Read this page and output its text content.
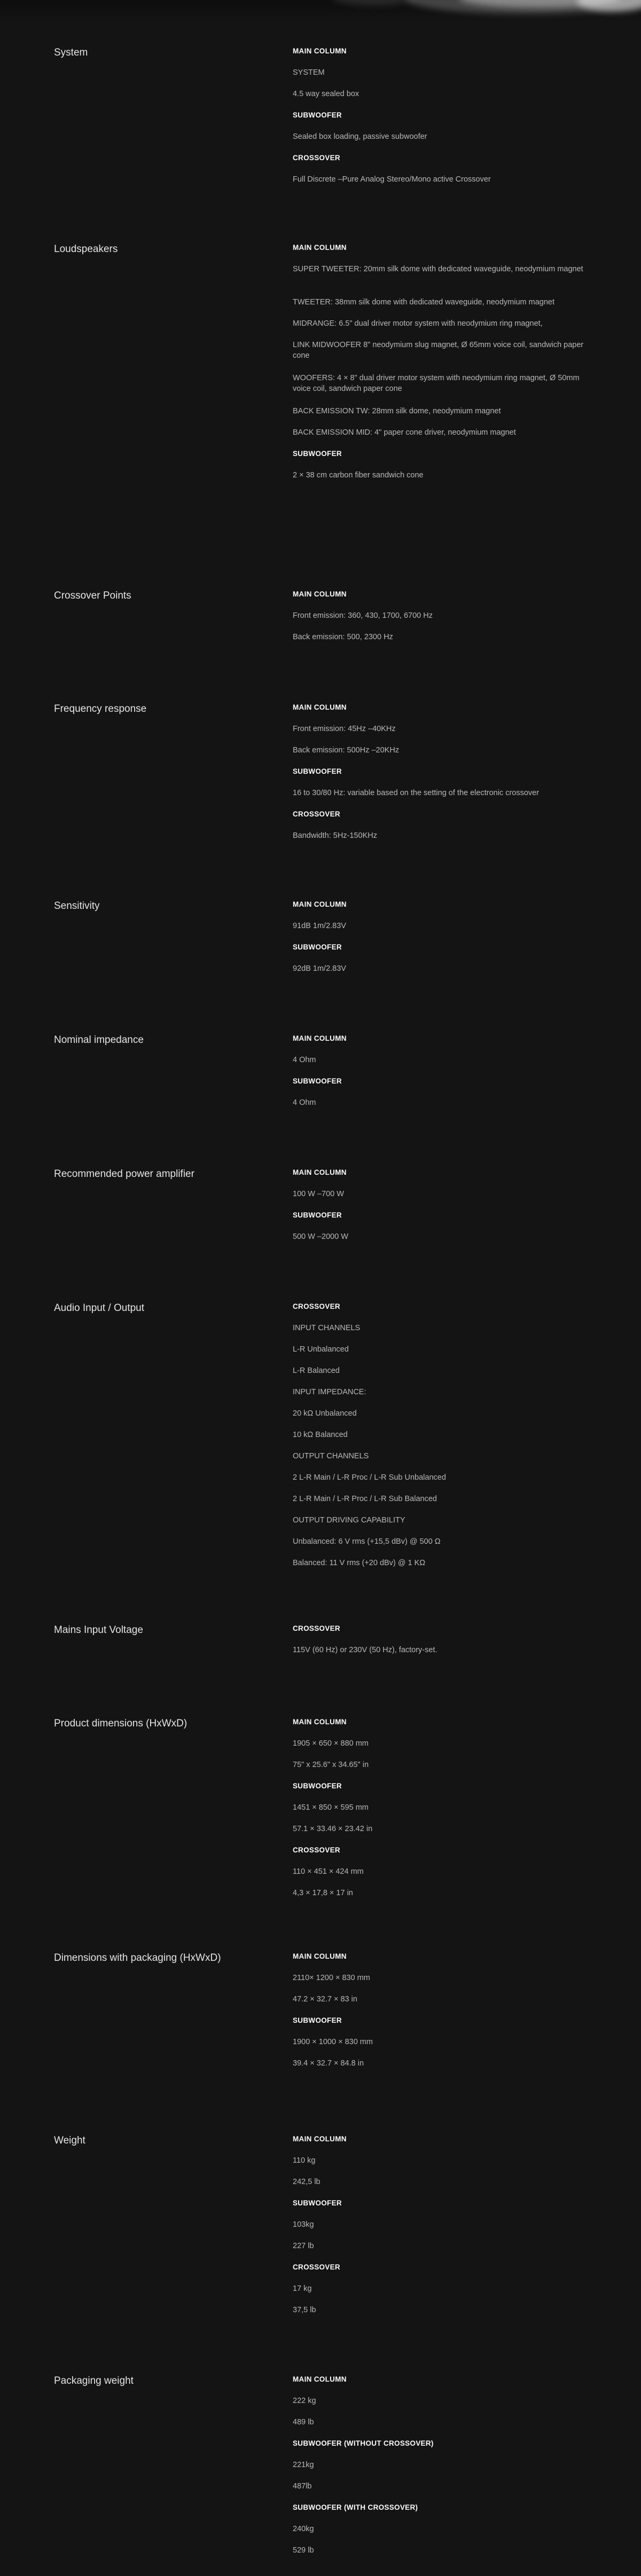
System	MAIN COLUMN
SYSTEM
4.5 way sealed box
SUBWOOFER
Sealed box loading, passive subwoofer
CROSSOVER
Full Discrete –Pure Analog Stereo/Mono active Crossover
Loudspeakers	MAIN COLUMN
SUPER TWEETER: 20mm silk dome with dedicated waveguide, neodymium magnet
TWEETER: 38mm silk dome with dedicated waveguide, neodymium magnet
MIDRANGE: 6.5" dual driver motor system with neodymium ring magnet,
LINK MIDWOOFER 8" neodymium slug magnet, Ø 65mm voice coil, sandwich paper cone
WOOFERS: 4 × 8" dual driver motor system with neodymium ring magnet, Ø 50mm voice coil, sandwich paper cone
BACK EMISSION TW: 28mm silk dome, neodymium magnet
BACK EMISSION MID: 4" paper cone driver, neodymium magnet
SUBWOOFER
2 × 38 cm carbon fiber sandwich cone
Crossover Points	MAIN COLUMN
Front emission: 360, 430, 1700, 6700 Hz
Back emission: 500, 2300 Hz
Frequency response	MAIN COLUMN
Front emission: 45Hz –40KHz
Back emission: 500Hz –20KHz
SUBWOOFER
16 to 30/80 Hz: variable based on the setting of the electronic crossover
CROSSOVER
Bandwidth: 5Hz-150KHz
Sensitivity	MAIN COLUMN
91dB 1m/2.83V
SUBWOOFER
92dB 1m/2.83V
Nominal impedance	MAIN COLUMN
4 Ohm
SUBWOOFER
4 Ohm
Recommended power amplifier	MAIN COLUMN
100 W –700 W
SUBWOOFER
500 W –2000 W
Audio Input / Output	CROSSOVER
INPUT CHANNELS
L-R Unbalanced
L-R Balanced
INPUT IMPEDANCE:
20 kΩ Unbalanced
10 kΩ Balanced
OUTPUT CHANNELS
2 L-R Main / L-R Proc / L-R Sub Unbalanced
2 L-R Main / L-R Proc / L-R Sub Balanced
OUTPUT DRIVING CAPABILITY
Unbalanced: 6 V rms (+15,5 dBv) @ 500 Ω
Balanced: 11 V rms (+20 dBv) @ 1 KΩ
Mains Input Voltage	CROSSOVER
115V (60 Hz) or 230V (50 Hz), factory-set.
Product dimensions (HxWxD)	MAIN COLUMN
1905 × 650 × 880 mm
75" x 25.6" x 34.65" in
SUBWOOFER
1451 × 850 × 595 mm
57.1 × 33.46 × 23.42 in
CROSSOVER
110 × 451 × 424 mm
4,3 × 17,8 × 17 in
Dimensions with packaging (HxWxD)	MAIN COLUMN
2110× 1200 × 830 mm
47.2 × 32.7 × 83 in
SUBWOOFER
1900 × 1000 × 830 mm
39.4 × 32.7 × 84.8 in
Weight	MAIN COLUMN
110 kg
242,5 lb
SUBWOOFER
103kg
227 lb
CROSSOVER
17 kg
37,5 lb
Packaging weight	MAIN COLUMN
222 kg
489 lb
SUBWOOFER (WITHOUT CROSSOVER)
221kg
487lb
SUBWOOFER (WITH CROSSOVER)
240kg
529 lb
